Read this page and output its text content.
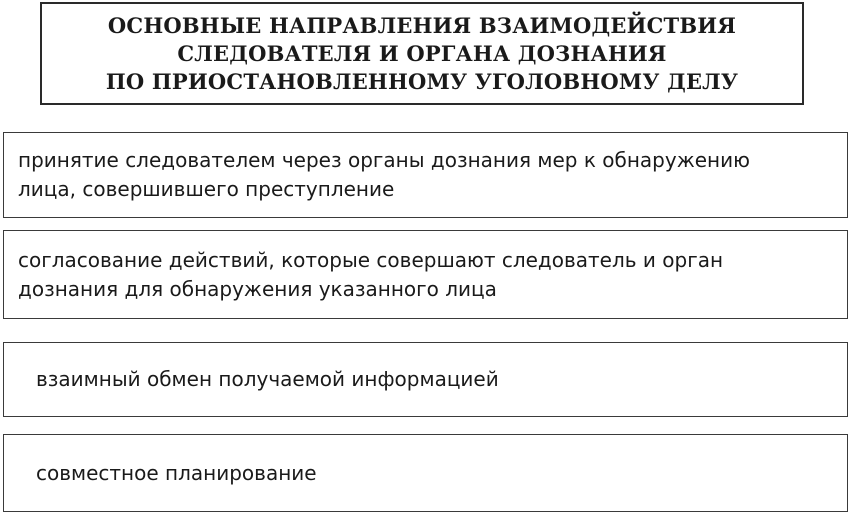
ОСНОВНЫЕ НАПРАВЛЕНИЯ ВЗАИМОДЕЙСТВИЯ
СЛЕДОВАТЕЛЯ И ОРГАНА ДОЗНАНИЯ
ПО ПРИОСТАНОВЛЕННОМУ УГОЛОВНОМУ ДЕЛУ
принятие следователем через органы дознания мер к обнаружению
лица, совершившего преступление
согласование действий, которые совершают следователь и орган
дознания для обнаружения указанного лица
взаимный обмен получаемой информацией
совместное планирование
